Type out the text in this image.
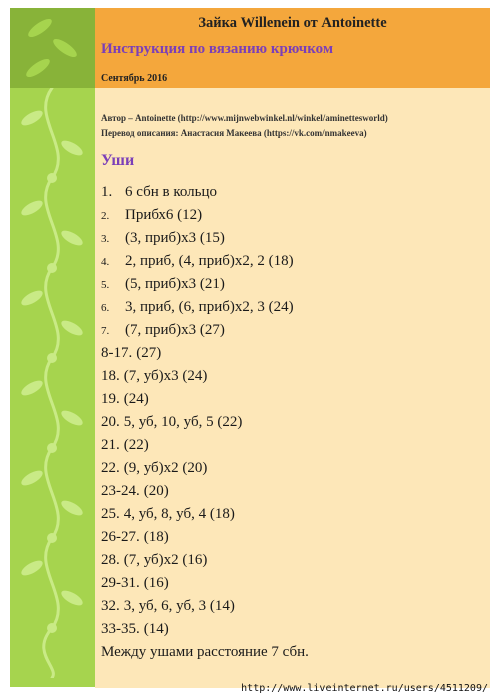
Зайка Willenein от Antoinette
Инструкция по вязанию крючком
Сентябрь 2016
Автор – Antoinette (http://www.mijnwebwinkel.nl/winkel/aminettesworld)
Перевод описания: Анастасия Макеева (https://vk.com/nmakeeva)
Уши
1. 6 сбн в кольцо
2. Прибх6 (12)
3. (3, приб)х3 (15)
4. 2, приб, (4, приб)х2, 2 (18)
5. (5, приб)х3 (21)
6. 3, приб, (6, приб)х2, 3 (24)
7. (7, приб)х3 (27)
8-17. (27)
18. (7, уб)х3 (24)
19. (24)
20. 5, уб, 10, уб, 5 (22)
21. (22)
22. (9, уб)х2 (20)
23-24. (20)
25. 4, уб, 8, уб, 4 (18)
26-27. (18)
28. (7, уб)х2 (16)
29-31. (16)
32. 3, уб, 6, уб, 3 (14)
33-35. (14)
Между ушами расстояние 7 сбн.
http://www.liveinternet.ru/users/4511209/
